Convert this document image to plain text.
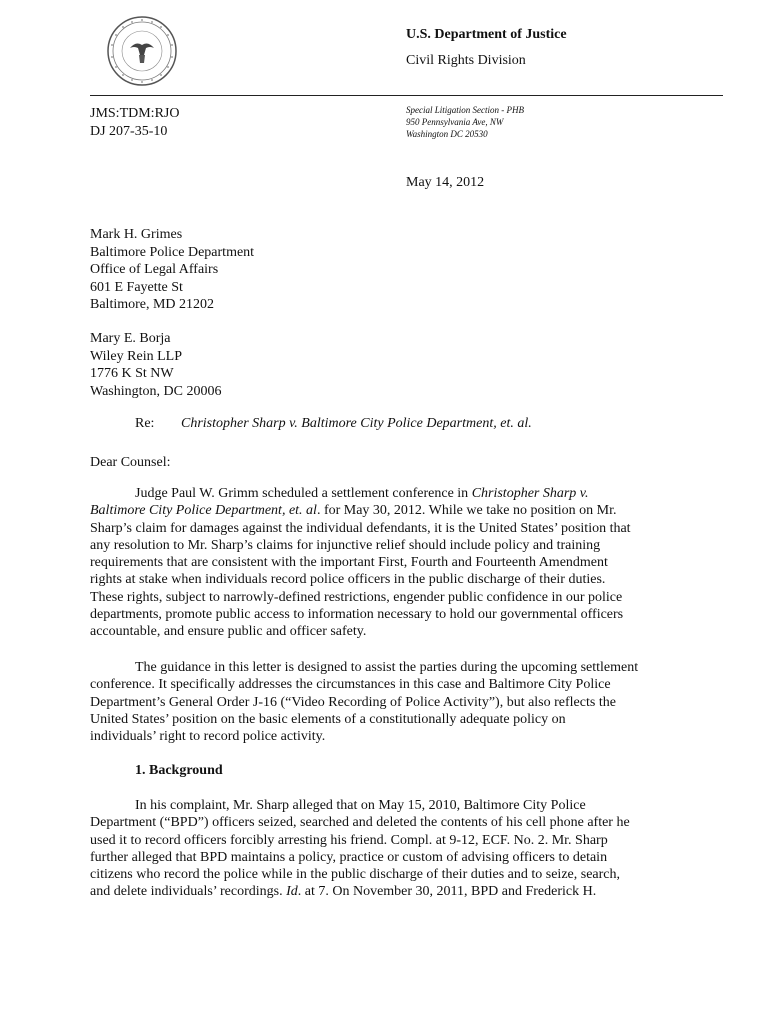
U.S. Department of Justice
Civil Rights Division
JMS:TDM:RJO
DJ 207-35-10
Special Litigation Section - PHB
950 Pennsylvania Ave, NW
Washington DC 20530
May 14, 2012
Mark H. Grimes
Baltimore Police Department
Office of Legal Affairs
601 E Fayette St
Baltimore, MD 21202
Mary E. Borja
Wiley Rein LLP
1776 K St NW
Washington, DC 20006
Re: Christopher Sharp v. Baltimore City Police Department, et. al.
Dear Counsel:

Judge Paul W. Grimm scheduled a settlement conference in Christopher Sharp v.
Baltimore City Police Department, et. al. for May 30, 2012. While we take no position on Mr.
Sharp’s claim for damages against the individual defendants, it is the United States’ position that
any resolution to Mr. Sharp’s claims for injunctive relief should include policy and training
requirements that are consistent with the important First, Fourth and Fourteenth Amendment
rights at stake when individuals record police officers in the public discharge of their duties.
These rights, subject to narrowly-defined restrictions, engender public confidence in our police
departments, promote public access to information necessary to hold our governmental officers
accountable, and ensure public and officer safety.

The guidance in this letter is designed to assist the parties during the upcoming settlement
conference. It specifically addresses the circumstances in this case and Baltimore City Police
Department’s General Order J-16 (“Video Recording of Police Activity”), but also reflects the
United States’ position on the basic elements of a constitutionally adequate policy on
individuals’ right to record police activity.

1. Background

In his complaint, Mr. Sharp alleged that on May 15, 2010, Baltimore City Police
Department (“BPD”) officers seized, searched and deleted the contents of his cell phone after he
used it to record officers forcibly arresting his friend. Compl. at 9-12, ECF. No. 2. Mr. Sharp
further alleged that BPD maintains a policy, practice or custom of advising officers to detain
citizens who record the police while in the public discharge of their duties and to seize, search,
and delete individuals’ recordings. Id. at 7. On November 30, 2011, BPD and Frederick H.
